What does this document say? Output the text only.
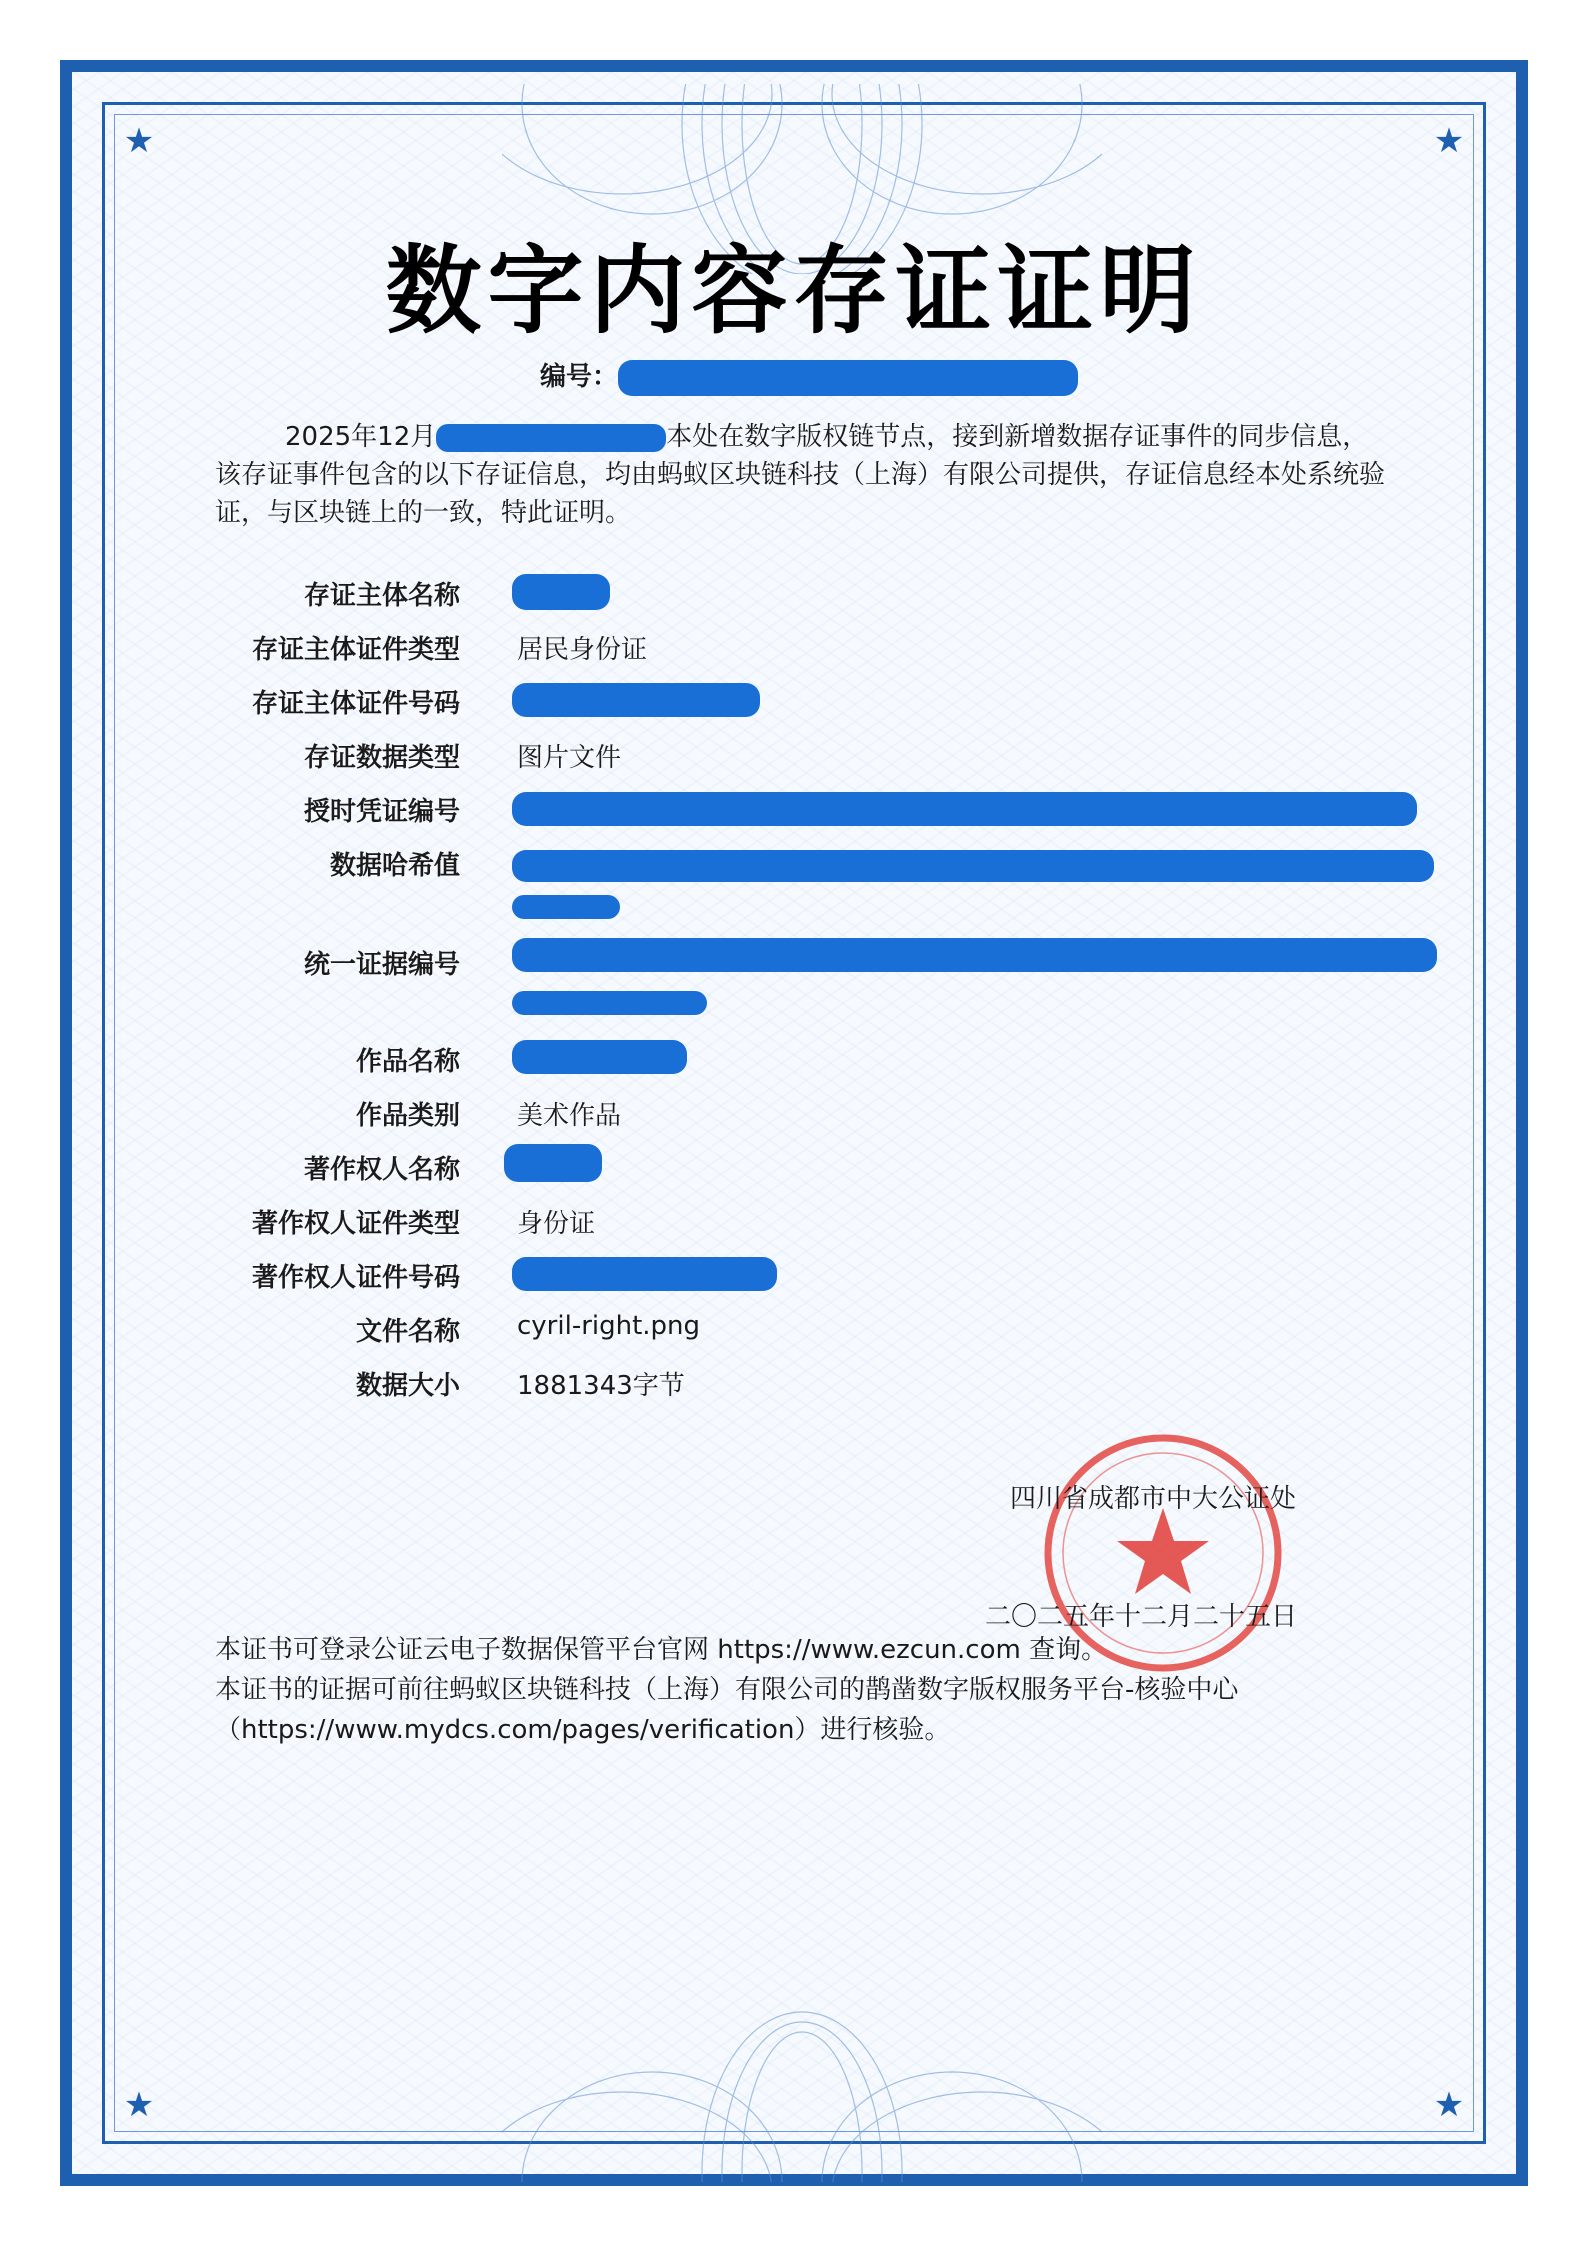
★	★
★	★
数字内容存证证明
编号：
2025年12月	本处在数字版权链节点，接到新增数据存证事件的同步信息，该存证事件包含的以下存证信息，均由蚂蚁区块链科技（上海）有限公司提供，存证信息经本处系统验证，与区块链上的一致，特此证明。
存证主体名称
存证主体证件类型 居民身份证
存证主体证件号码
存证数据类型 图片文件
授时凭证编号
数据哈希值
统一证据编号
作品名称
作品类别 美术作品
著作权人名称
著作权人证件类型 身份证
著作权人证件号码
文件名称 cyril-right.png
数据大小 1881343字节
四川省成都市中大公证处
二〇二五年十二月二十五日
本证书可登录公证云电子数据保管平台官网 https://www.ezcun.com 查询。
本证书的证据可前往蚂蚁区块链科技（上海）有限公司的鹊凿数字版权服务平台-核验中心（https://www.mydcs.com/pages/verification）进行核验。
